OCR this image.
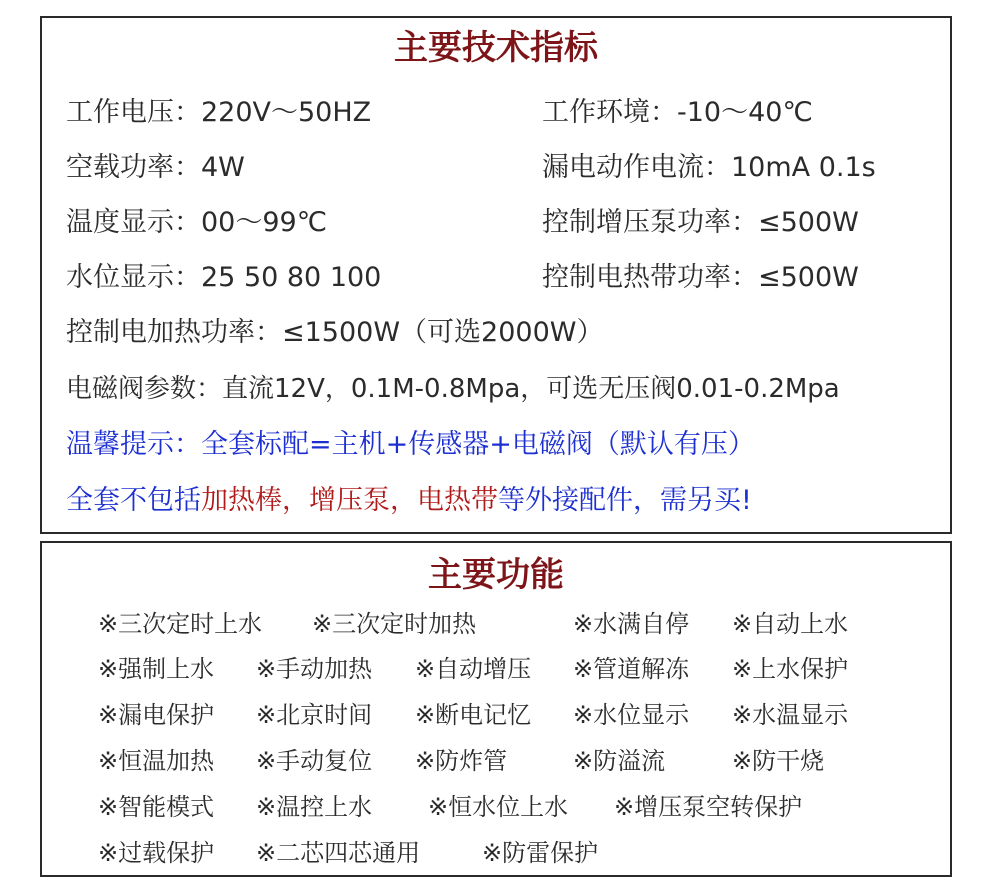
主要技术指标
工作电压：220V～50HZ	工作环境：-10～40℃
空载功率：4W	漏电动作电流：10mA 0.1s
温度显示：00～99℃	控制增压泵功率：≤500W
水位显示：25 50 80 100	控制电热带功率：≤500W
控制电加热功率：≤1500W（可选2000W）
电磁阀参数：直流12V，0.1M-0.8Mpa，可选无压阀0.01-0.2Mpa
温馨提示：全套标配=主机+传感器+电磁阀（默认有压）
全套不包括加热棒，增压泵，电热带等外接配件，需另买!
主要功能
※三次定时上水 ※三次定时加热	※水满自停 ※自动上水
※强制上水 ※手动加热 ※自动增压 ※管道解冻 ※上水保护
※漏电保护 ※北京时间 ※断电记忆 ※水位显示 ※水温显示
※恒温加热 ※手动复位 ※防炸管	※防溢流	※防干烧
※智能模式 ※温控上水 ※恒水位上水 ※增压泵空转保护
※过载保护 ※二芯四芯通用	※防雷保护
